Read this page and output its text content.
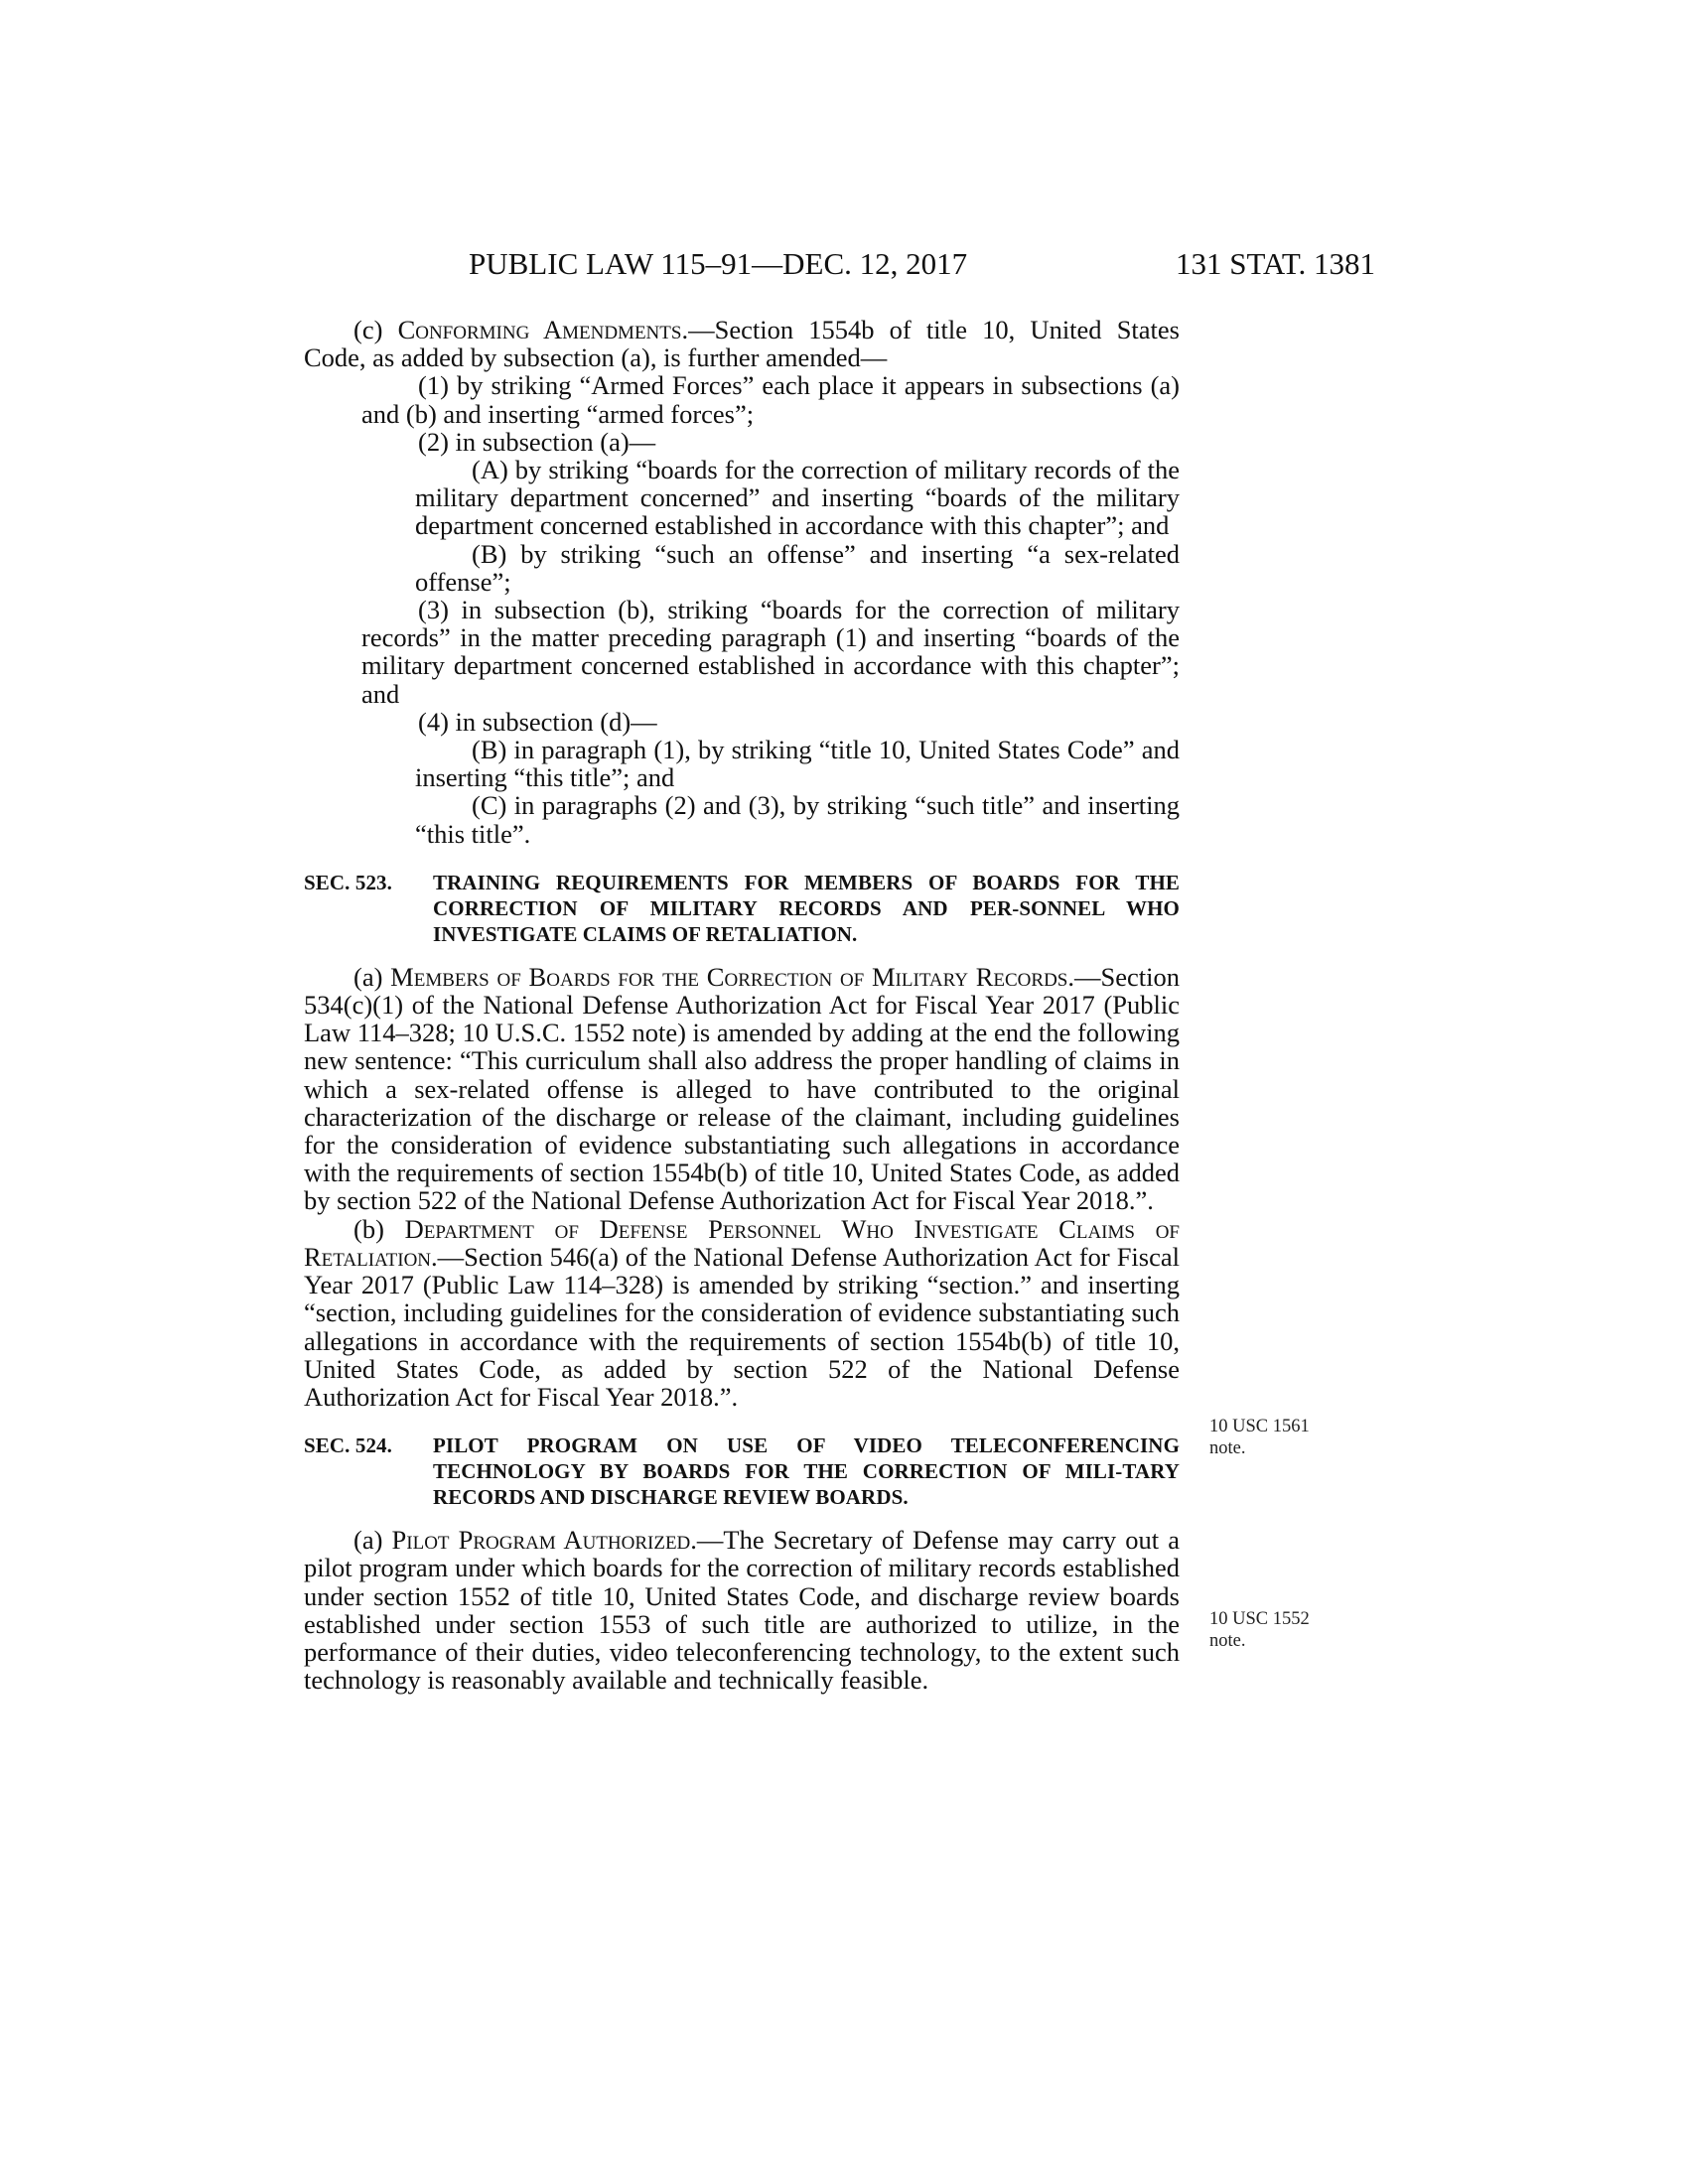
PUBLIC LAW 115–91—DEC. 12, 2017	131 STAT. 1381

(c) Conforming Amendments.—Section 1554b of title 10, United States Code, as added by subsection (a), is further amended—

(1) by striking “Armed Forces” each place it appears in subsections (a) and (b) and inserting “armed forces”;

(2) in subsection (a)—

(A) by striking “boards for the correction of military records of the military department concerned” and inserting “boards of the military department concerned established in accordance with this chapter”; and

(B) by striking “such an offense” and inserting “a sex-related offense”;

(3) in subsection (b), striking “boards for the correction of military records” in the matter preceding paragraph (1) and inserting “boards of the military department concerned established in accordance with this chapter”; and

(4) in subsection (d)—

(B) in paragraph (1), by striking “title 10, United States Code” and inserting “this title”; and

(C) in paragraphs (2) and (3), by striking “such title” and inserting “this title”.

SEC. 523. TRAINING REQUIREMENTS FOR MEMBERS OF BOARDS FOR THE CORRECTION OF MILITARY RECORDS AND PER-SONNEL WHO INVESTIGATE CLAIMS OF RETALIATION.

(a) Members of Boards for the Correction of Military Records.—Section 534(c)(1) of the National Defense Authorization Act for Fiscal Year 2017 (Public Law 114–328; 10 U.S.C. 1552 note) is amended by adding at the end the following new sentence: “This curriculum shall also address the proper handling of claims in which a sex-related offense is alleged to have contributed to the original characterization of the discharge or release of the claimant, including guidelines for the consideration of evidence substantiating such allegations in accordance with the requirements of section 1554b(b) of title 10, United States Code, as added by section 522 of the National Defense Authorization Act for Fiscal Year 2018.”.

(b) Department of Defense Personnel Who Investigate Claims of Retaliation.—Section 546(a) of the National Defense Authorization Act for Fiscal Year 2017 (Public Law 114–328) is amended by striking “section.” and inserting “section, including guidelines for the consideration of evidence substantiating such allegations in accordance with the requirements of section 1554b(b) of title 10, United States Code, as added by section 522 of the National Defense Authorization Act for Fiscal Year 2018.”.

SEC. 524. PILOT PROGRAM ON USE OF VIDEO TELECONFERENCING TECHNOLOGY BY BOARDS FOR THE CORRECTION OF MILI-TARY RECORDS AND DISCHARGE REVIEW BOARDS.

(a) Pilot Program Authorized.—The Secretary of Defense may carry out a pilot program under which boards for the correction of military records established under section 1552 of title 10, United States Code, and discharge review boards established under section 1553 of such title are authorized to utilize, in the performance of their duties, video teleconferencing technology, to the extent such technology is reasonably available and technically feasible.

10 USC 1561
note.
10 USC 1552
note.
